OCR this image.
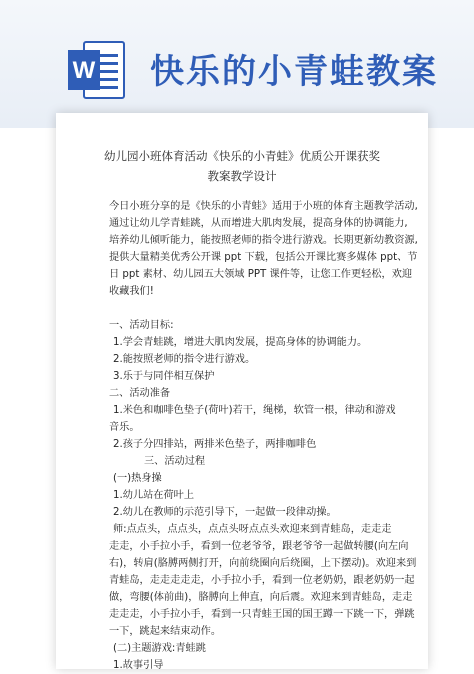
W 快乐的小青蛙教案
幼儿园小班体育活动《快乐的小青蛙》优质公开课获奖
教案教学设计

今日小班分享的是《快乐的小青蛙》适用于小班的体育主题教学活动,

通过让幼儿学青蛙跳，从而增进大肌肉发展，提高身体的协调能力,

培养幼儿倾听能力，能按照老师的指令进行游戏。长期更新幼教资源,

提供大量精美优秀公开课 ppt 下载，包括公开课比赛多媒体 ppt、节

日 ppt 素材、幼儿园五大领域 PPT 课件等，让您工作更轻松，欢迎

收藏我们!

一、活动目标:

1.学会青蛙跳，增进大肌肉发展，提高身体的协调能力。

2.能按照老师的指令进行游戏。

3.乐于与同伴相互保护

二、活动准备

1.米色和咖啡色垫子(荷叶)若干，绳梯，软管一根，律动和游戏

音乐。

2.孩子分四排站，两排米色垫子，两排咖啡色

三、活动过程

(一)热身操

1.幼儿站在荷叶上

2.幼儿在教师的示范引导下，一起做一段律动操。

师:点点头，点点头，点点头呀点点头欢迎来到青蛙岛，走走走

走走，小手拉小手，看到一位老爷爷，跟老爷爷一起做转腰(向左向

右)，转肩(胳膊两侧打开，向前绕圈向后绕圈，上下摆动)。欢迎来到

青蛙岛，走走走走走，小手拉小手，看到一位老奶奶，跟老奶奶一起

做，弯腰(体前曲)，胳膊向上伸直，向后震。欢迎来到青蛙岛，走走

走走走，小手拉小手，看到一只青蛙王国的国王蹲一下跳一下，弹跳

一下，跳起来结束动作。

(二)主题游戏:青蛙跳

1.故事引导
